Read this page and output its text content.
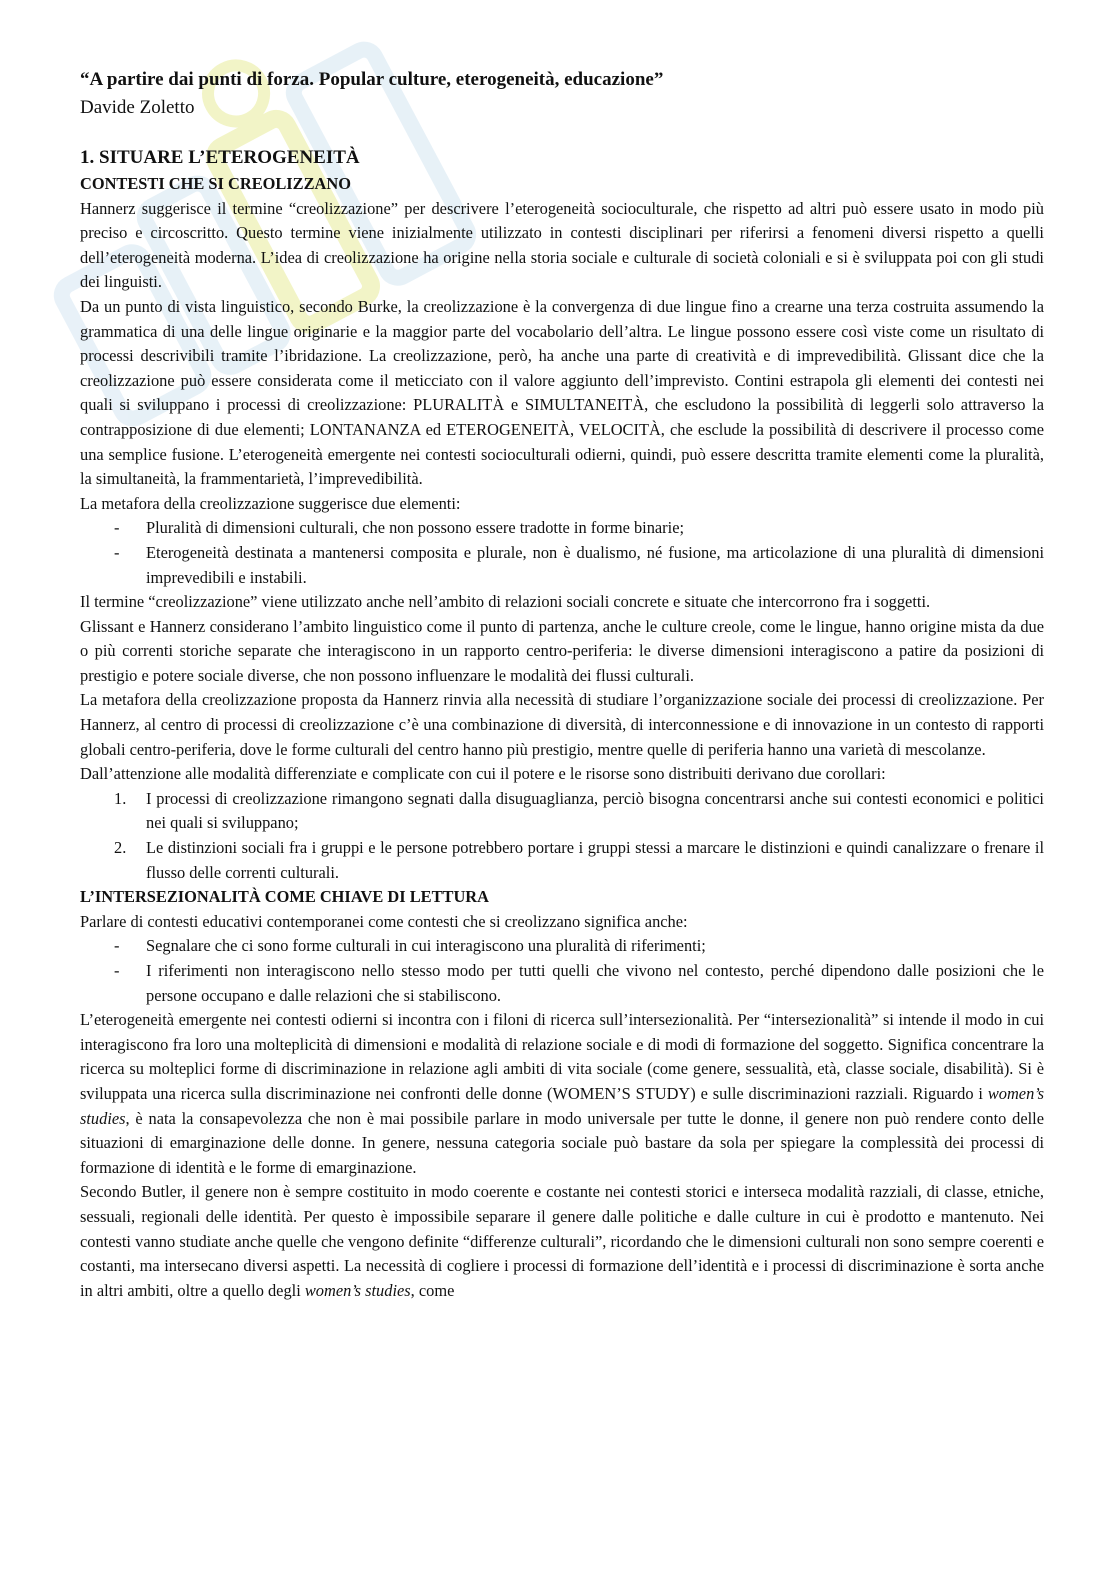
“A partire dai punti di forza. Popular culture, eterogeneità, educazione”
Davide Zoletto
1. SITUARE L’ETEROGENEITÀ
CONTESTI CHE SI CREOLIZZANO

Hannerz suggerisce il termine “creolizzazione” per descrivere l’eterogeneità socioculturale, che rispetto ad altri può essere usato in modo più preciso e circoscritto. Questo termine viene inizialmente utilizzato in contesti disciplinari per riferirsi a fenomeni diversi rispetto a quelli dell’eterogeneità moderna. L’idea di creolizzazione ha origine nella storia sociale e culturale di società coloniali e si è sviluppata poi con gli studi dei linguisti.

Da un punto di vista linguistico, secondo Burke, la creolizzazione è la convergenza di due lingue fino a crearne una terza costruita assumendo la grammatica di una delle lingue originarie e la maggior parte del vocabolario dell’altra. Le lingue possono essere così viste come un risultato di processi descrivibili tramite l’ibridazione. La creolizzazione, però, ha anche una parte di creatività e di imprevedibilità. Glissant dice che la creolizzazione può essere considerata come il meticciato con il valore aggiunto dell’imprevisto. Contini estrapola gli elementi dei contesti nei quali si sviluppano i processi di creolizzazione: PLURALITÀ e SIMULTANEITÀ, che escludono la possibilità di leggerli solo attraverso la contrapposizione di due elementi; LONTANANZA ed ETEROGENEITÀ, VELOCITÀ, che esclude la possibilità di descrivere il processo come una semplice fusione. L’eterogeneità emergente nei contesti socioculturali odierni, quindi, può essere descritta tramite elementi come la pluralità, la simultaneità, la frammentarietà, l’imprevedibilità.

La metafora della creolizzazione suggerisce due elementi:

- Pluralità di dimensioni culturali, che non possono essere tradotte in forme binarie;
- Eterogeneità destinata a mantenersi composita e plurale, non è dualismo, né fusione, ma articolazione di una pluralità di dimensioni imprevedibili e instabili.

Il termine “creolizzazione” viene utilizzato anche nell’ambito di relazioni sociali concrete e situate che intercorrono fra i soggetti.

Glissant e Hannerz considerano l’ambito linguistico come il punto di partenza, anche le culture creole, come le lingue, hanno origine mista da due o più correnti storiche separate che interagiscono in un rapporto centro-periferia: le diverse dimensioni interagiscono a patire da posizioni di prestigio e potere sociale diverse, che non possono influenzare le modalità dei flussi culturali.

La metafora della creolizzazione proposta da Hannerz rinvia alla necessità di studiare l’organizzazione sociale dei processi di creolizzazione. Per Hannerz, al centro di processi di creolizzazione c’è una combinazione di diversità, di interconnessione e di innovazione in un contesto di rapporti globali centro-periferia, dove le forme culturali del centro hanno più prestigio, mentre quelle di periferia hanno una varietà di mescolanze.

Dall’attenzione alle modalità differenziate e complicate con cui il potere e le risorse sono distribuiti derivano due corollari:

1. I processi di creolizzazione rimangono segnati dalla disuguaglianza, perciò bisogna concentrarsi anche sui contesti economici e politici nei quali si sviluppano;
2. Le distinzioni sociali fra i gruppi e le persone potrebbero portare i gruppi stessi a marcare le distinzioni e quindi canalizzare o frenare il flusso delle correnti culturali.
L’INTERSEZIONALITÀ COME CHIAVE DI LETTURA

Parlare di contesti educativi contemporanei come contesti che si creolizzano significa anche:

- Segnalare che ci sono forme culturali in cui interagiscono una pluralità di riferimenti;
- I riferimenti non interagiscono nello stesso modo per tutti quelli che vivono nel contesto, perché dipendono dalle posizioni che le persone occupano e dalle relazioni che si stabiliscono.

L’eterogeneità emergente nei contesti odierni si incontra con i filoni di ricerca sull’intersezionalità. Per “intersezionalità” si intende il modo in cui interagiscono fra loro una molteplicità di dimensioni e modalità di relazione sociale e di modi di formazione del soggetto. Significa concentrare la ricerca su molteplici forme di discriminazione in relazione agli ambiti di vita sociale (come genere, sessualità, età, classe sociale, disabilità). Si è sviluppata una ricerca sulla discriminazione nei confronti delle donne (WOMEN’S STUDY) e sulle discriminazioni razziali. Riguardo i women’s studies, è nata la consapevolezza che non è mai possibile parlare in modo universale per tutte le donne, il genere non può rendere conto delle situazioni di emarginazione delle donne. In genere, nessuna categoria sociale può bastare da sola per spiegare la complessità dei processi di formazione di identità e le forme di emarginazione.

Secondo Butler, il genere non è sempre costituito in modo coerente e costante nei contesti storici e interseca modalità razziali, di classe, etniche, sessuali, regionali delle identità. Per questo è impossibile separare il genere dalle politiche e dalle culture in cui è prodotto e mantenuto. Nei contesti vanno studiate anche quelle che vengono definite “differenze culturali”, ricordando che le dimensioni culturali non sono sempre coerenti e costanti, ma intersecano diversi aspetti. La necessità di cogliere i processi di formazione dell’identità e i processi di discriminazione è sorta anche in altri ambiti, oltre a quello degli women’s studies, come
